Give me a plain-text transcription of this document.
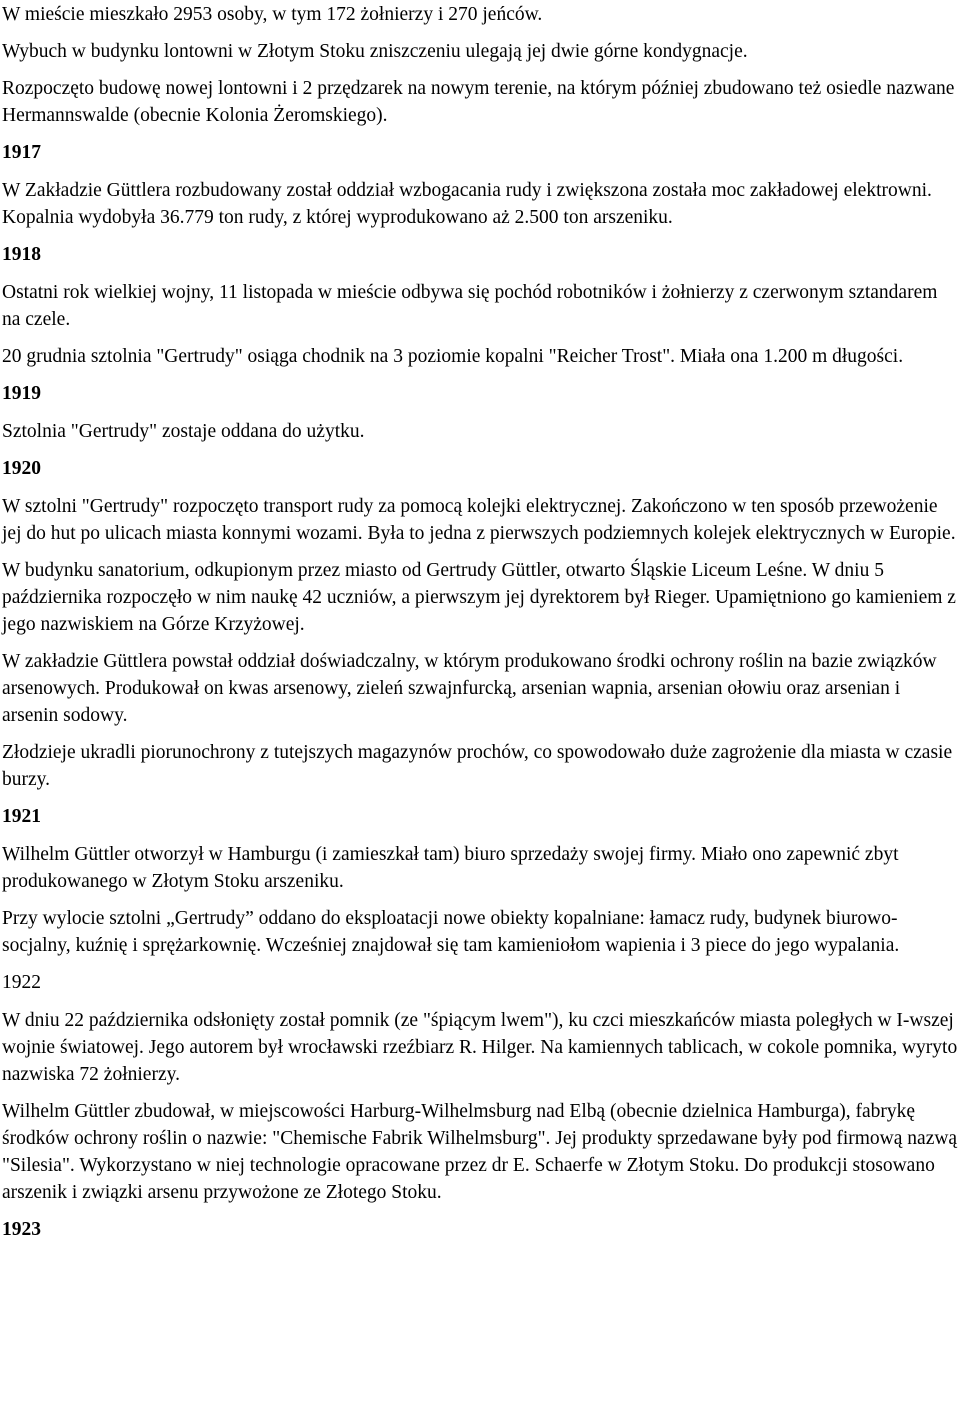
W mieście mieszkało 2953 osoby, w tym 172 żołnierzy i 270 jeńców.

Wybuch w budynku lontowni w Złotym Stoku zniszczeniu ulegają jej dwie górne kondygnacje.

Rozpoczęto budowę nowej lontowni i 2 przędzarek na nowym terenie, na którym później zbudowano też osiedle nazwane Hermannswalde (obecnie Kolonia Żeromskiego).

1917

W Zakładzie Güttlera rozbudowany został oddział wzbogacania rudy i zwiększona została moc zakładowej elektrowni. Kopalnia wydobyła 36.779 ton rudy, z której wyprodukowano aż 2.500 ton arszeniku.

1918

Ostatni rok wielkiej wojny, 11 listopada w mieście odbywa się pochód robotników i żołnierzy z czerwonym sztandarem na czele.

20 grudnia sztolnia "Gertrudy" osiąga chodnik na 3 poziomie kopalni "Reicher Trost". Miała ona 1.200 m długości.

1919

Sztolnia "Gertrudy" zostaje oddana do użytku.

1920

W sztolni "Gertrudy" rozpoczęto transport rudy za pomocą kolejki elektrycznej. Zakończono w ten sposób przewożenie jej do hut po ulicach miasta konnymi wozami. Była to jedna z pierwszych podziemnych kolejek elektrycznych w Europie.

W budynku sanatorium, odkupionym przez miasto od Gertrudy Güttler, otwarto Śląskie Liceum Leśne. W dniu 5 października rozpoczęło w nim naukę 42 uczniów, a pierwszym jej dyrektorem był Rieger. Upamiętniono go kamieniem z jego nazwiskiem na Górze Krzyżowej.

W zakładzie Güttlera powstał oddział doświadczalny, w którym produkowano środki ochrony roślin na bazie związków arsenowych. Produkował on kwas arsenowy, zieleń szwajnfurcką, arsenian wapnia, arsenian ołowiu oraz arsenian i arsenin sodowy.

Złodzieje ukradli piorunochrony z tutejszych magazynów prochów, co spowodowało duże zagrożenie dla miasta w czasie burzy.

1921

Wilhelm Güttler otworzył w Hamburgu (i zamieszkał tam) biuro sprzedaży swojej firmy. Miało ono zapewnić zbyt produkowanego w Złotym Stoku arszeniku.

Przy wylocie sztolni „Gertrudy” oddano do eksploatacji nowe obiekty kopalniane: łamacz rudy, budynek biurowo-socjalny, kuźnię i sprężarkownię. Wcześniej znajdował się tam kamieniołom wapienia i 3 piece do jego wypalania.

1922

W dniu 22 października odsłonięty został pomnik (ze "śpiącym lwem"), ku czci mieszkańców miasta poległych w I-wszej wojnie światowej. Jego autorem był wrocławski rzeźbiarz R. Hilger. Na kamiennych tablicach, w cokole pomnika, wyryto nazwiska 72 żołnierzy.

Wilhelm Güttler zbudował, w miejscowości Harburg-Wilhelmsburg nad Elbą (obecnie dzielnica Hamburga), fabrykę środków ochrony roślin o nazwie: "Chemische Fabrik Wilhelmsburg". Jej produkty sprzedawane były pod firmową nazwą "Silesia". Wykorzystano w niej technologie opracowane przez dr E. Schaerfe w Złotym Stoku. Do produkcji stosowano arszenik i związki arsenu przywożone ze Złotego Stoku.

1923
